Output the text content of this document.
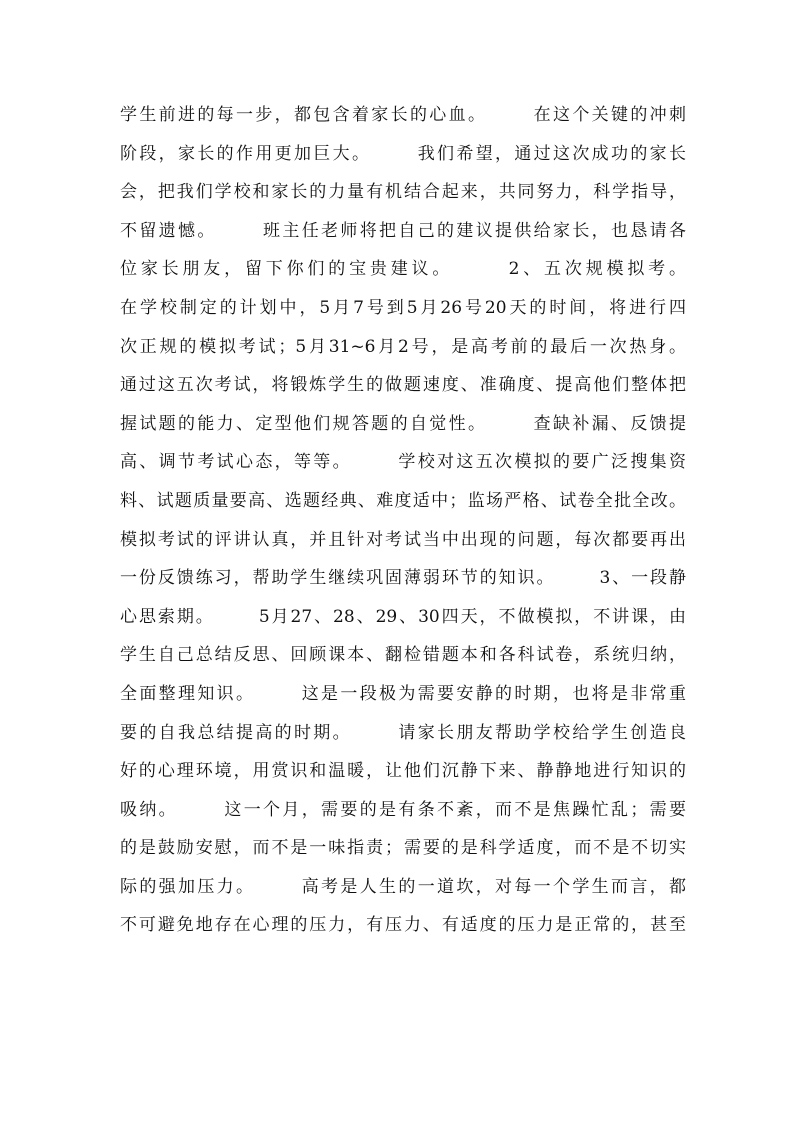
学生前进的每一步，都包含着家长的心血。      在这个关键的冲刺
阶段，家长的作用更加巨大。      我们希望，通过这次成功的家长
会，把我们学校和家长的力量有机结合起来，共同努力，科学指导，
不留遗憾。      班主任老师将把自己的建议提供给家长，也恳请各
位家长朋友，留下你们的宝贵建议。      2、五次规模拟考。
在学校制定的计划中，5月7号到5月26号20天的时间，将进行四
次正规的模拟考试；5月31~6月2号，是高考前的最后一次热身。
通过这五次考试，将锻炼学生的做题速度、准确度、提高他们整体把
握试题的能力、定型他们规答题的自觉性。      查缺补漏、反馈提
高、调节考试心态，等等。      学校对这五次模拟的要广泛搜集资
料、试题质量要高、选题经典、难度适中；监场严格、试卷全批全改。
模拟考试的评讲认真，并且针对考试当中出现的问题，每次都要再出
一份反馈练习，帮助学生继续巩固薄弱环节的知识。      3、一段静
心思索期。      5月27、28、29、30四天，不做模拟，不讲课，由
学生自己总结反思、回顾课本、翻检错题本和各科试卷，系统归纳，
全面整理知识。      这是一段极为需要安静的时期，也将是非常重
要的自我总结提高的时期。      请家长朋友帮助学校给学生创造良
好的心理环境，用赏识和温暖，让他们沉静下来、静静地进行知识的
吸纳。      这一个月，需要的是有条不紊，而不是焦躁忙乱；需要
的是鼓励安慰，而不是一味指责；需要的是科学适度，而不是不切实
际的强加压力。      高考是人生的一道坎，对每一个学生而言，都
不可避免地存在心理的压力，有压力、有适度的压力是正常的，甚至
